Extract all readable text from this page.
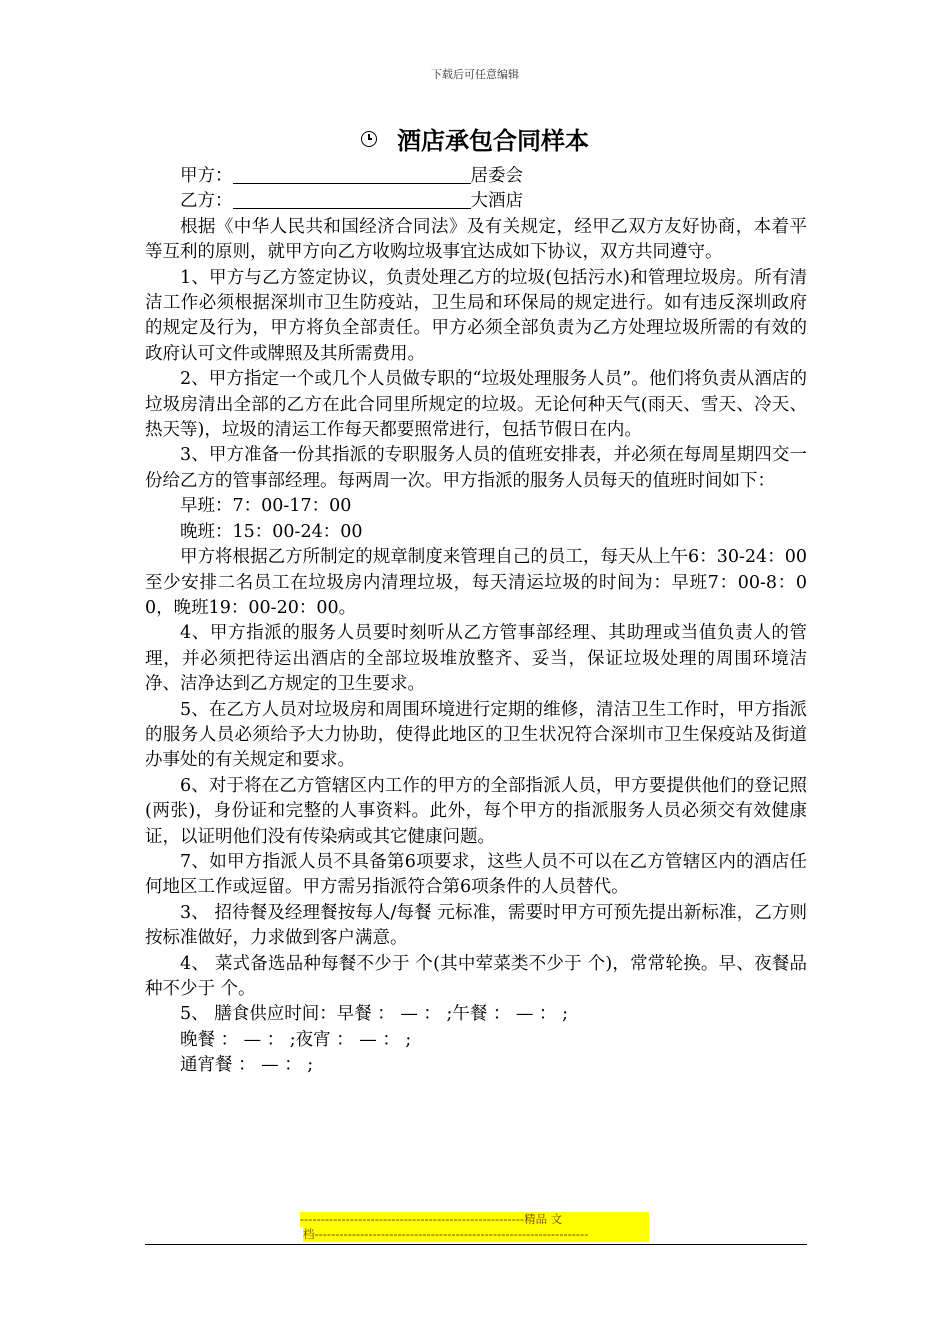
下载后可任意编辑
酒店承包合同样本

甲方：	居委会

乙方：	大酒店

根据《中华人民共和国经济合同法》及有关规定，经甲乙双方友好协商，本着平等互利的原则，就甲方向乙方收购垃圾事宜达成如下协议，双方共同遵守。

1、甲方与乙方签定协议，负责处理乙方的垃圾(包括污水)和管理垃圾房。所有清洁工作必须根据深圳市卫生防疫站，卫生局和环保局的规定进行。如有违反深圳政府的规定及行为，甲方将负全部责任。甲方必须全部负责为乙方处理垃圾所需的有效的政府认可文件或牌照及其所需费用。

2、甲方指定一个或几个人员做专职的“垃圾处理服务人员”。他们将负责从酒店的垃圾房清出全部的乙方在此合同里所规定的垃圾。无论何种天气(雨天、雪天、冷天、热天等)，垃圾的清运工作每天都要照常进行，包括节假日在内。

3、甲方准备一份其指派的专职服务人员的值班安排表，并必须在每周星期四交一份给乙方的管事部经理。每两周一次。甲方指派的服务人员每天的值班时间如下：

早班：7：00-17：00

晚班：15：00-24：00

甲方将根据乙方所制定的规章制度来管理自己的员工，每天从上午6：30-24：00至少安排二名员工在垃圾房内清理垃圾，每天清运垃圾的时间为：早班7：00-8：00，晚班19：00-20：00。

4、甲方指派的服务人员要时刻听从乙方管事部经理、其助理或当值负责人的管理，并必须把待运出酒店的全部垃圾堆放整齐、妥当，保证垃圾处理的周围环境洁净、洁净达到乙方规定的卫生要求。

5、在乙方人员对垃圾房和周围环境进行定期的维修，清洁卫生工作时，甲方指派的服务人员必须给予大力协助，使得此地区的卫生状况符合深圳市卫生保疫站及街道办事处的有关规定和要求。

6、对于将在乙方管辖区内工作的甲方的全部指派人员，甲方要提供他们的登记照(两张)，身份证和完整的人事资料。此外，每个甲方的指派服务人员必须交有效健康证，以证明他们没有传染病或其它健康问题。

7、如甲方指派人员不具备第6项要求，这些人员不可以在乙方管辖区内的酒店任何地区工作或逗留。甲方需另指派符合第6项条件的人员替代。

3、 招待餐及经理餐按每人/每餐 元标准，需要时甲方可预先提出新标准，乙方则按标准做好，力求做到客户满意。

4、 菜式备选品种每餐不少于 个(其中荤菜类不少于 个)，常常轮换。早、夜餐品种不少于 个。

5、 膳食供应时间：早餐 ： — ： ;午餐 ： — ： ;

晚餐 ： — ： ;夜宵 ： — ： ;

通宵餐 ： — ： ;

------------------------------------------------------精品 文
档------------------------------------------------------------------
